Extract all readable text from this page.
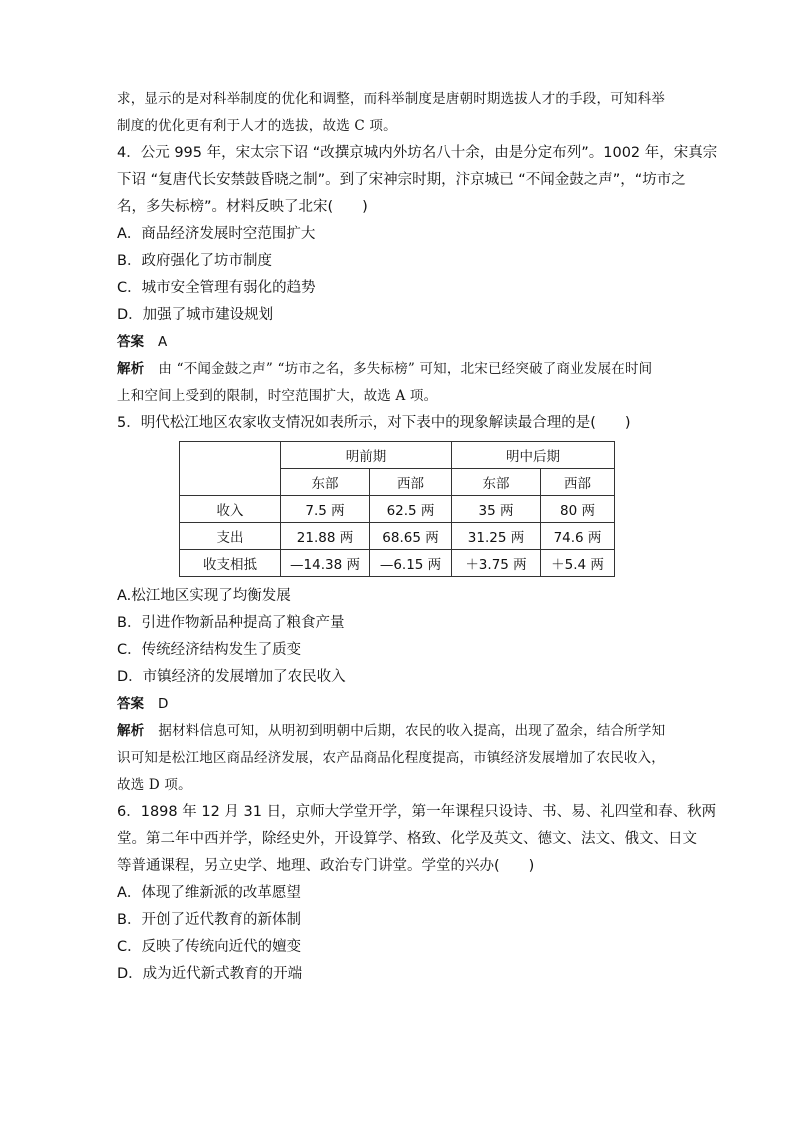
求，显示的是对科举制度的优化和调整，而科举制度是唐朝时期选拔人才的手段，可知科举

制度的优化更有利于人才的选拔，故选 C 项。

4．公元 995 年，宋太宗下诏 “改撰京城内外坊名八十余，由是分定布列”。1002 年，宋真宗

下诏 “复唐代长安禁鼓昏晓之制”。到了宋神宗时期，汴京城已 “不闻金鼓之声”，“坊市之

名，多失标榜”。材料反映了北宋(　　)

A．商品经济发展时空范围扩大

B．政府强化了坊市制度

C．城市安全管理有弱化的趋势

D．加强了城市建设规划

答案 A

解析 由 “不闻金鼓之声” “坊市之名，多失标榜” 可知，北宋已经突破了商业发展在时间

上和空间上受到的限制，时空范围扩大，故选 A 项。

5．明代松江地区农家收支情况如表所示，对下表中的现象解读最合理的是(　　)

	明前期		明中后期	
	东部	西部	东部	西部
收入	7.5 两	62.5 两	35 两	80 两
支出	21.88 两	68.65 两	31.25 两	74.6 两
收支相抵	—14.38 两	—6.15 两	＋3.75 两	＋5.4 两

A.松江地区实现了均衡发展

B．引进作物新品种提高了粮食产量

C．传统经济结构发生了质变

D．市镇经济的发展增加了农民收入

答案 D

解析 据材料信息可知，从明初到明朝中后期，农民的收入提高，出现了盈余，结合所学知

识可知是松江地区商品经济发展，农产品商品化程度提高，市镇经济发展增加了农民收入，

故选 D 项。

6．1898 年 12 月 31 日，京师大学堂开学，第一年课程只设诗、书、易、礼四堂和春、秋两

堂。第二年中西并学，除经史外，开设算学、格致、化学及英文、德文、法文、俄文、日文

等普通课程，另立史学、地理、政治专门讲堂。学堂的兴办(　　)

A．体现了维新派的改革愿望

B．开创了近代教育的新体制

C．反映了传统向近代的嬗变

D．成为近代新式教育的开端
